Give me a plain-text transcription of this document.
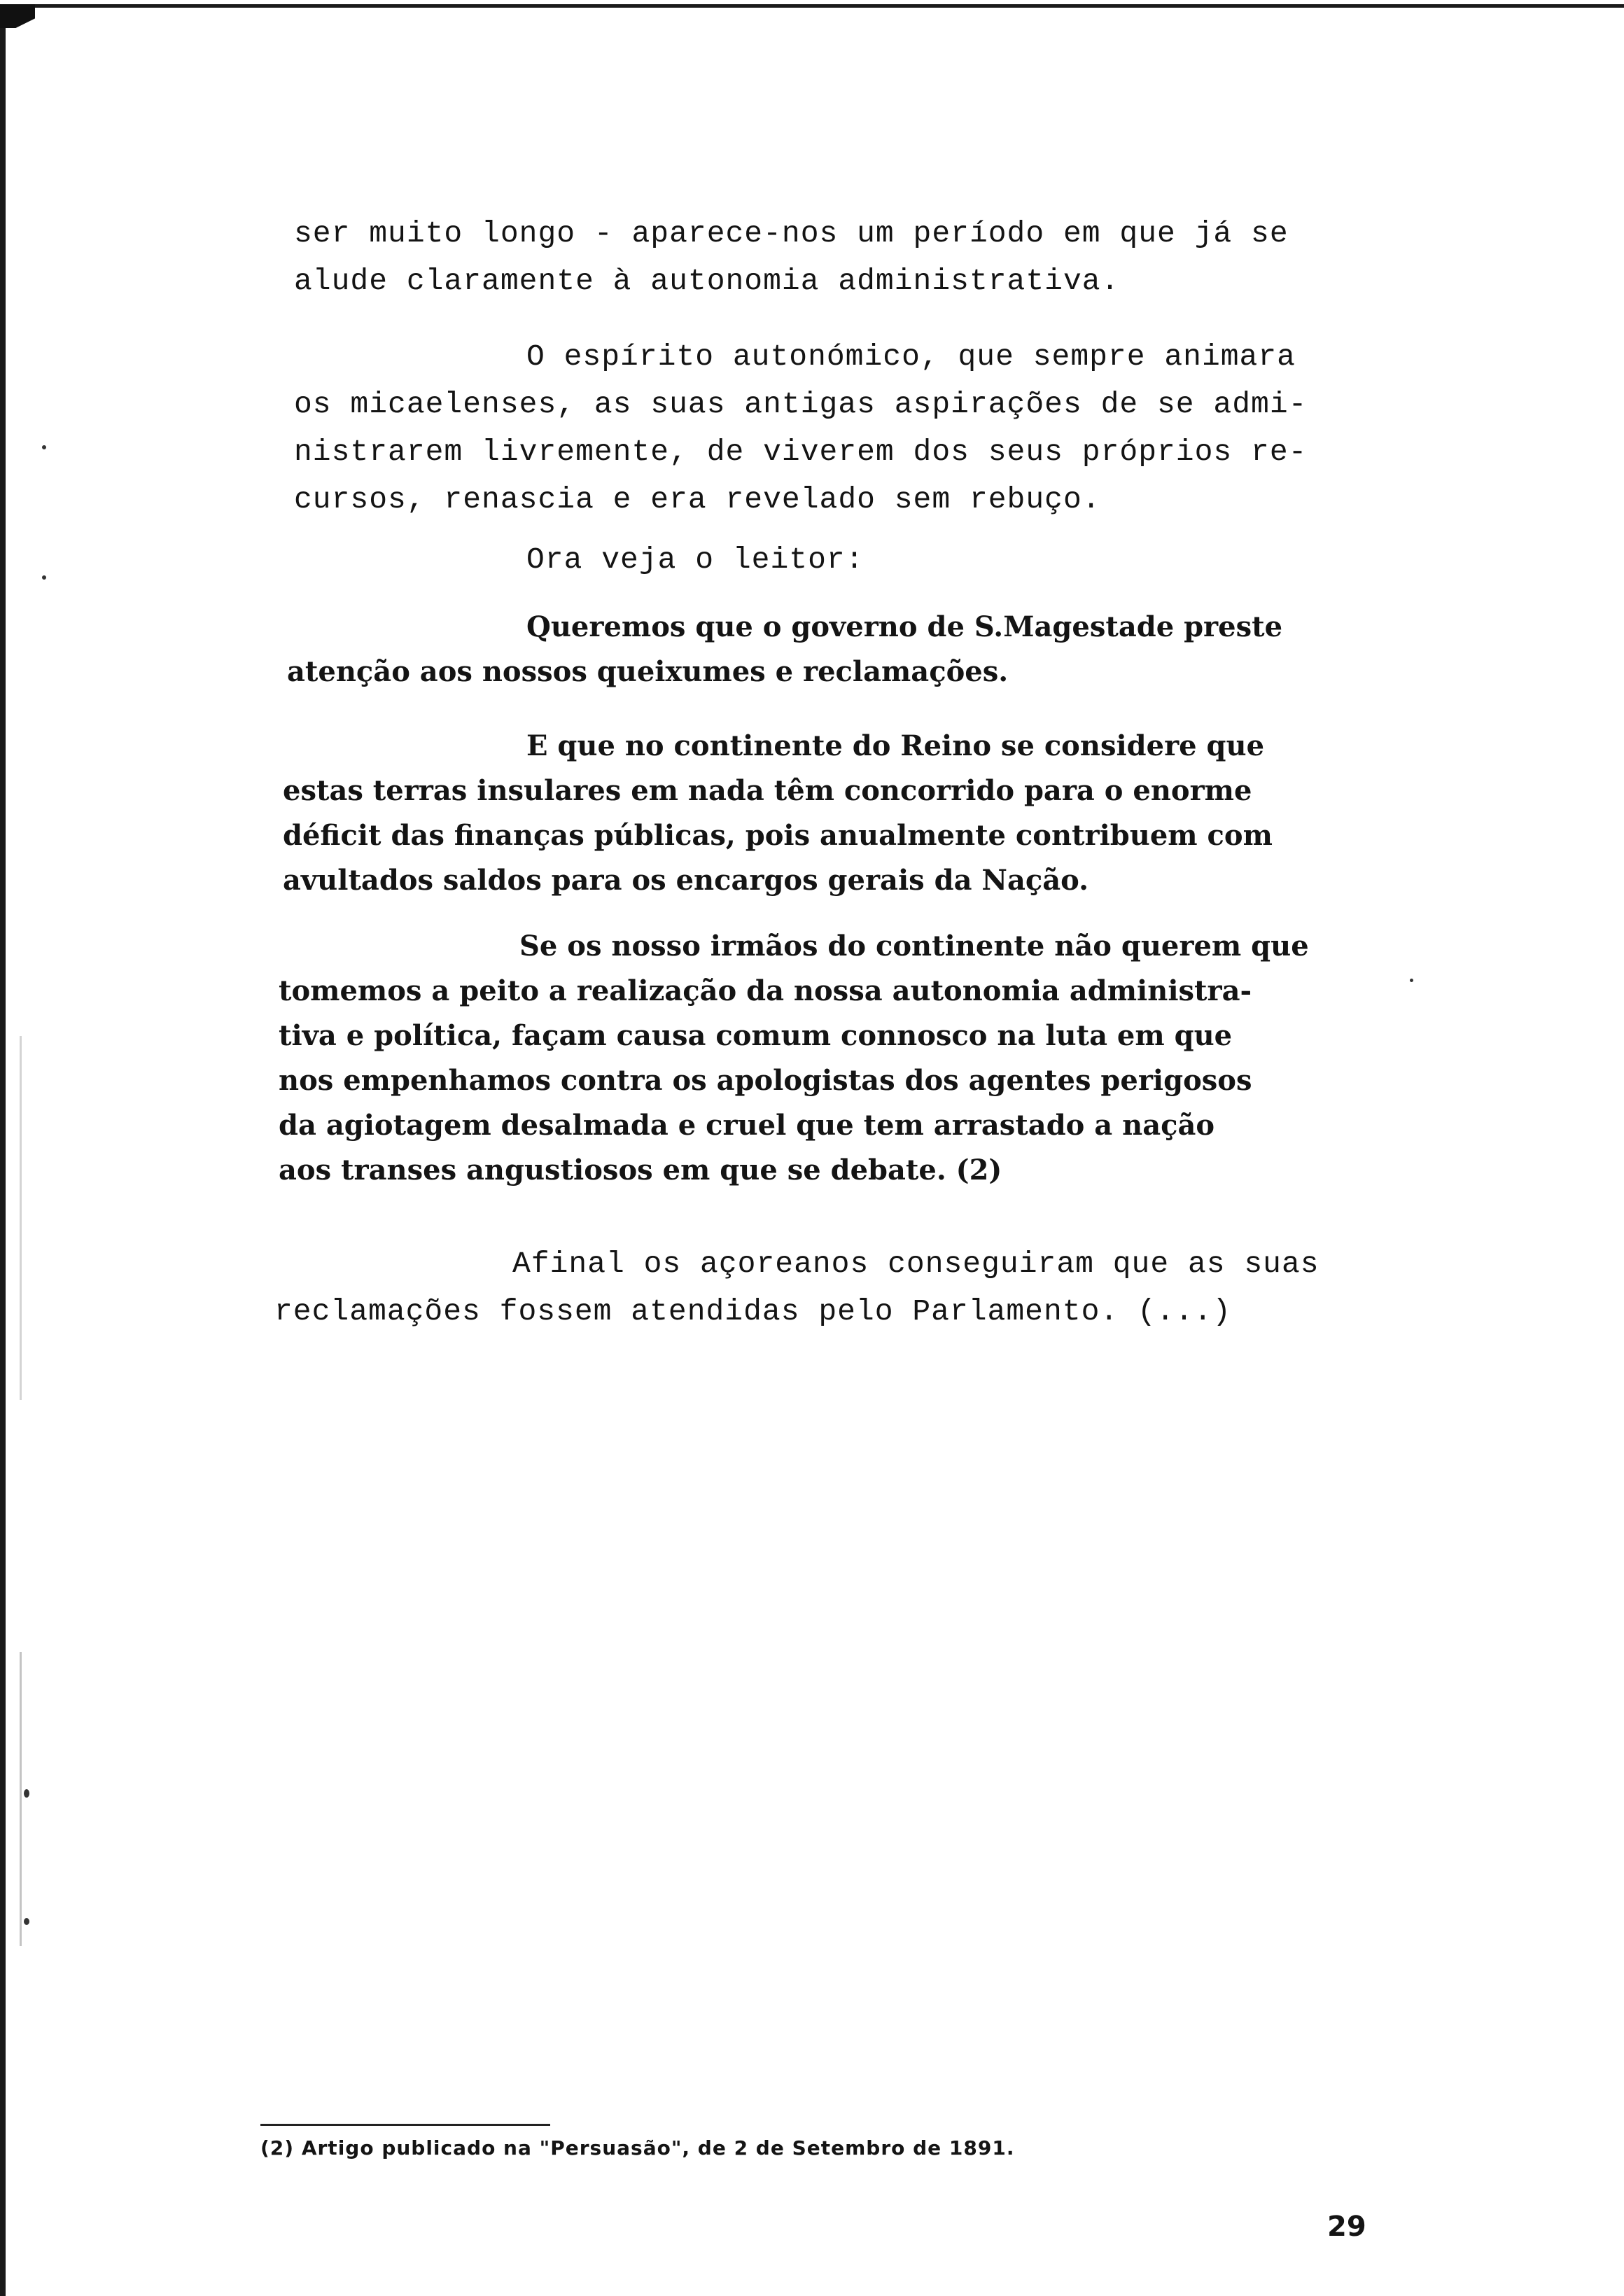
ser muito longo - aparece-nos um período em que já se
alude claramente à autonomia administrativa.

O espírito autonómico, que sempre animara
os micaelenses, as suas antigas aspirações de se admi-
nistrarem livremente, de viverem dos seus próprios re-
cursos, renascia e era revelado sem rebuço.

Ora veja o leitor:

Queremos que o governo de S.Magestade preste
atenção aos nossos queixumes e reclamações.

E que no continente do Reino se considere que
estas terras insulares em nada têm concorrido para o enorme
déficit das finanças públicas, pois anualmente contribuem com
avultados saldos para os encargos gerais da Nação.

Se os nosso irmãos do continente não querem que
tomemos a peito a realização da nossa autonomia administra-
tiva e política, façam causa comum connosco na luta em que
nos empenhamos contra os apologistas dos agentes perigosos
da agiotagem desalmada e cruel que tem arrastado a nação
aos transes angustiosos em que se debate. (2)

Afinal os açoreanos conseguiram que as suas
reclamações fossem atendidas pelo Parlamento. (...)

(2) Artigo publicado na "Persuasão", de 2 de Setembro de 1891.
29
